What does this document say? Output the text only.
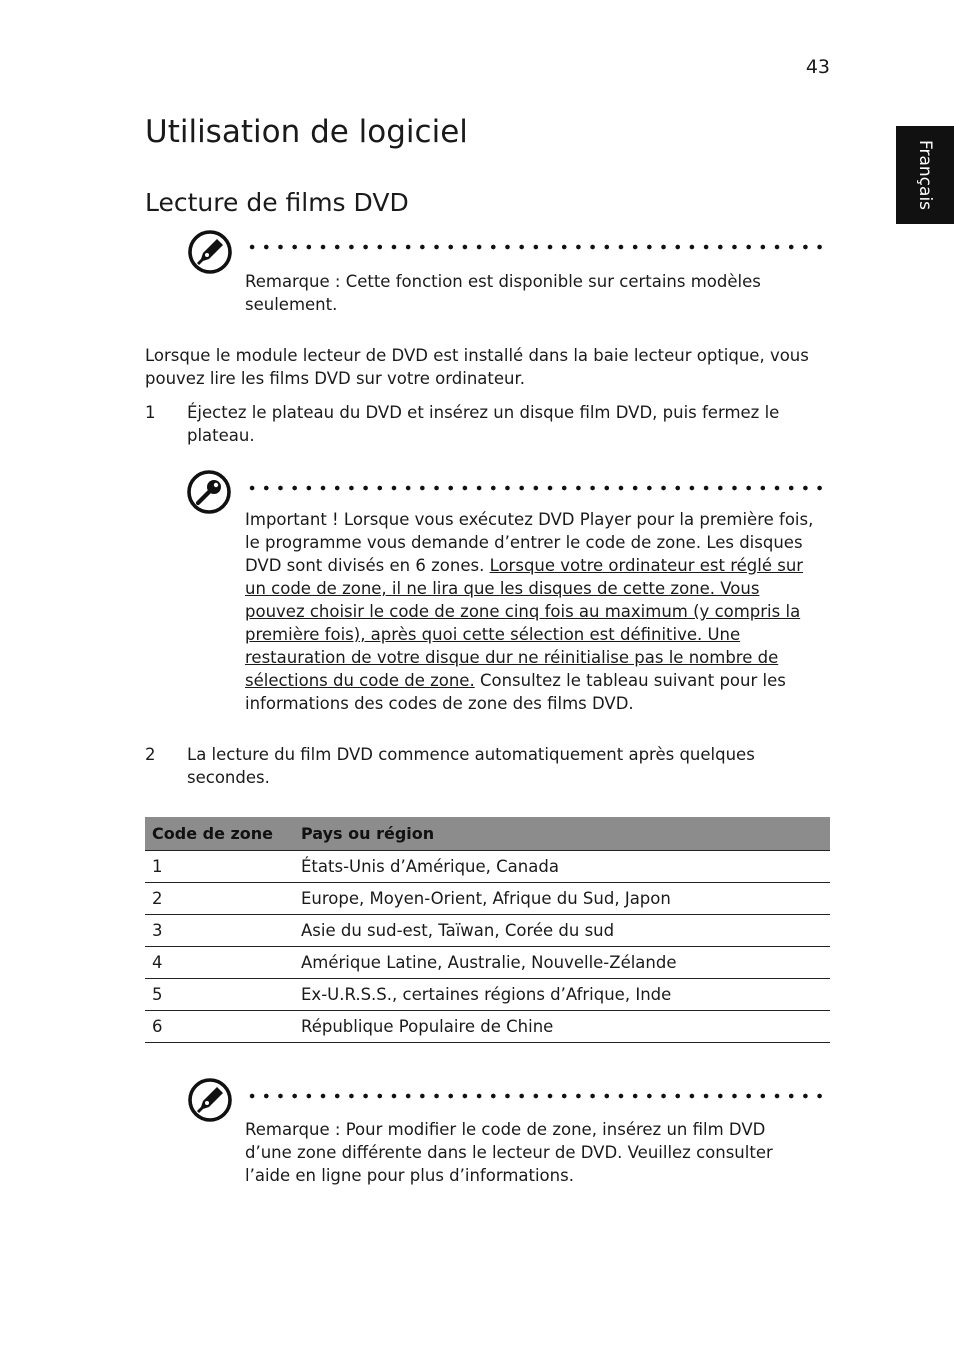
43
Français
Utilisation de logiciel
Lecture de films DVD
Remarque : Cette fonction est disponible sur certains modèles seulement.
Lorsque le module lecteur de DVD est installé dans la baie lecteur optique, vous pouvez lire les films DVD sur votre ordinateur.
1 Éjectez le plateau du DVD et insérez un disque film DVD, puis fermez le plateau.
Important ! Lorsque vous exécutez DVD Player pour la première fois, le programme vous demande d’entrer le code de zone. Les disques DVD sont divisés en 6 zones. Lorsque votre ordinateur est réglé sur un code de zone, il ne lira que les disques de cette zone. Vous pouvez choisir le code de zone cinq fois au maximum (y compris la première fois), après quoi cette sélection est définitive. Une restauration de votre disque dur ne réinitialise pas le nombre de sélections du code de zone. Consultez le tableau suivant pour les informations des codes de zone des films DVD.
2 La lecture du film DVD commence automatiquement après quelques secondes.
Code de zone	Pays ou région
1	États-Unis d’Amérique, Canada
2	Europe, Moyen-Orient, Afrique du Sud, Japon
3	Asie du sud-est, Taïwan, Corée du sud
4	Amérique Latine, Australie, Nouvelle-Zélande
5	Ex-U.R.S.S., certaines régions d’Afrique, Inde
6	République Populaire de Chine
Remarque : Pour modifier le code de zone, insérez un film DVD d’une zone différente dans le lecteur de DVD. Veuillez consulter l’aide en ligne pour plus d’informations.
